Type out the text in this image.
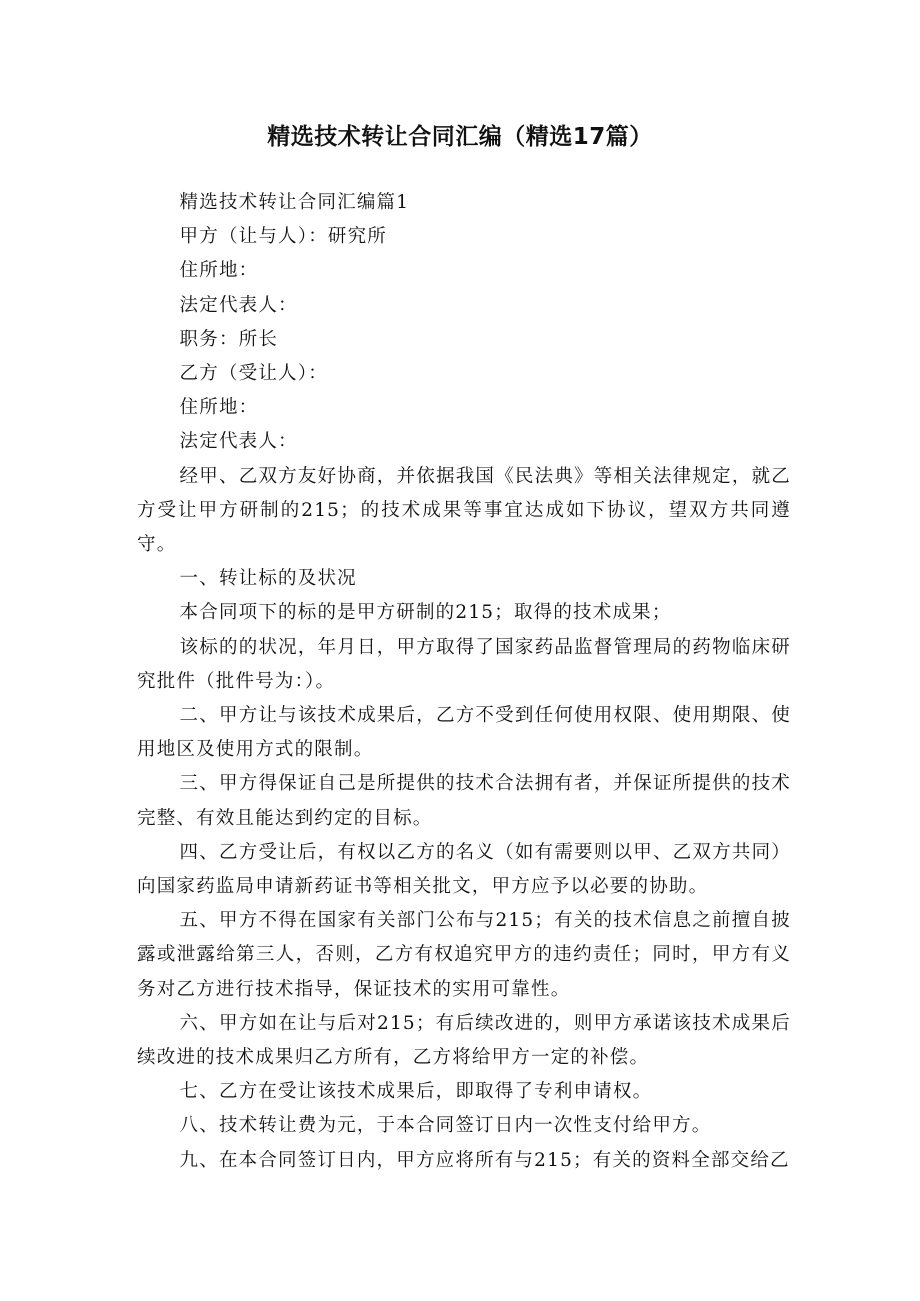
精选技术转让合同汇编（精选17篇）

精选技术转让合同汇编篇1

甲方（让与人）：研究所

住所地：

法定代表人：

职务：所长

乙方（受让人）：

住所地：

法定代表人：

经甲、乙双方友好协商，并依据我国《民法典》等相关法律规定，就乙方受让甲方研制的215；的技术成果等事宜达成如下协议，望双方共同遵守。

一、转让标的及状况

本合同项下的标的是甲方研制的215；取得的技术成果；

该标的的状况，年月日，甲方取得了国家药品监督管理局的药物临床研究批件（批件号为：）。

二、甲方让与该技术成果后，乙方不受到任何使用权限、使用期限、使用地区及使用方式的限制。

三、甲方得保证自己是所提供的技术合法拥有者，并保证所提供的技术完整、有效且能达到约定的目标。

四、乙方受让后，有权以乙方的名义（如有需要则以甲、乙双方共同）向国家药监局申请新药证书等相关批文，甲方应予以必要的协助。

五、甲方不得在国家有关部门公布与215；有关的技术信息之前擅自披露或泄露给第三人，否则，乙方有权追究甲方的违约责任；同时，甲方有义务对乙方进行技术指导，保证技术的实用可靠性。

六、甲方如在让与后对215；有后续改进的，则甲方承诺该技术成果后续改进的技术成果归乙方所有，乙方将给甲方一定的补偿。

七、乙方在受让该技术成果后，即取得了专利申请权。

八、技术转让费为元，于本合同签订日内一次性支付给甲方。

九、在本合同签订日内，甲方应将所有与215；有关的资料全部交给乙
